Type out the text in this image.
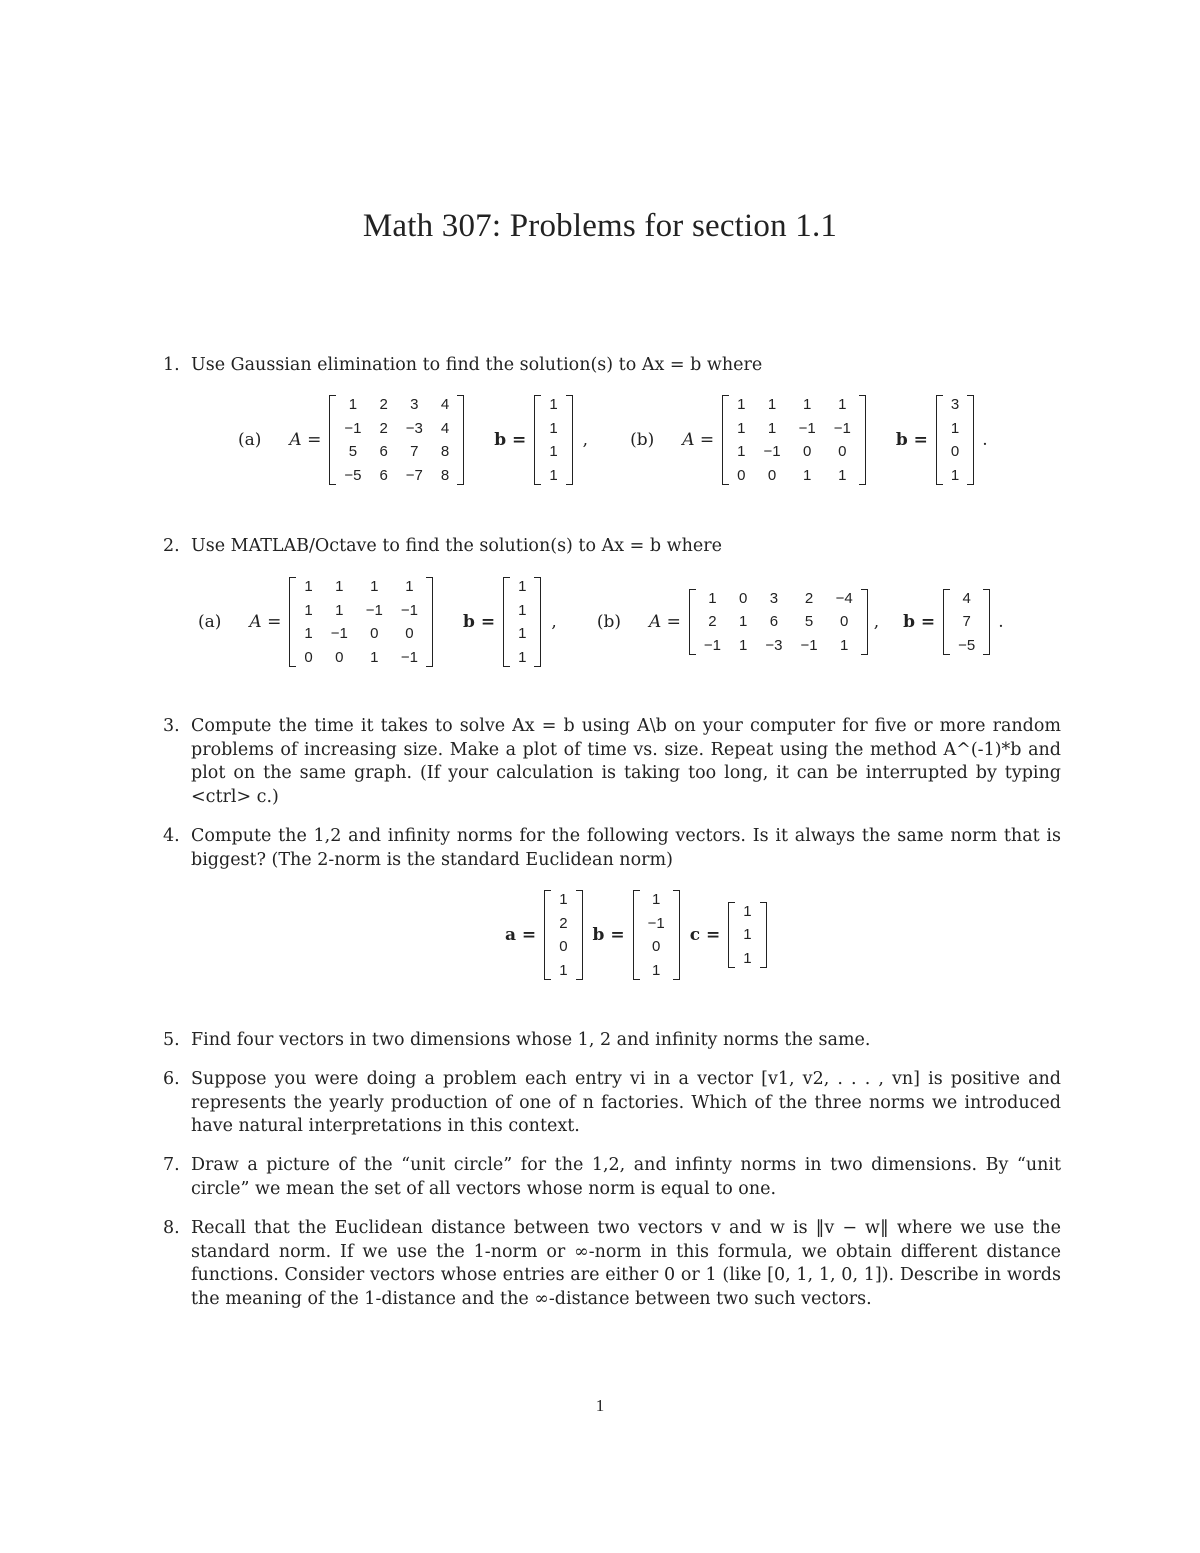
Math 307: Problems for section 1.1
1. Use Gaussian elimination to find the solution(s) to Ax = b where
(a) A =
1	2	3	4
−1	2	−3	4
5	6	7	8
−5	6	−7	8
b =
1
1
1
1
, (b) A =
1	1	1	1
1	1	−1	−1
1	−1	0	0
0	0	1	1
b =
3
1
0
1
.
2. Use MATLAB/Octave to find the solution(s) to Ax = b where
(a) A =
1	1	1	1
1	1	−1	−1
1	−1	0	0
0	0	1	−1
b =
1
1
1
1
, (b) A =
1	0	3	2	−4
2	1	6	5	0
−1	1	−3	−1	1
, b =
4
7
−5
.
3. Compute the time it takes to solve Ax = b using A\b on your computer for five or more random problems of increasing size. Make a plot of time vs. size. Repeat using the method A^(-1)*b and plot on the same graph. (If your calculation is taking too long, it can be interrupted by typing <ctrl> c.)
4. Compute the 1,2 and infinity norms for the following vectors. Is it always the same norm that is biggest? (The 2-norm is the standard Euclidean norm)
a =
1
2
0
1
b =
1
−1
0
1
c =
1
1
1
5. Find four vectors in two dimensions whose 1, 2 and infinity norms the same.
6. Suppose you were doing a problem each entry vi in a vector [v1, v2, . . . , vn] is positive and represents the yearly production of one of n factories. Which of the three norms we introduced have natural interpretations in this context.
7. Draw a picture of the “unit circle” for the 1,2, and infinty norms in two dimensions. By “unit circle” we mean the set of all vectors whose norm is equal to one.
8. Recall that the Euclidean distance between two vectors v and w is ‖v − w‖ where we use the standard norm. If we use the 1-norm or ∞-norm in this formula, we obtain different distance functions. Consider vectors whose entries are either 0 or 1 (like [0, 1, 1, 0, 1]). Describe in words the meaning of the 1-distance and the ∞-distance between two such vectors.
1
